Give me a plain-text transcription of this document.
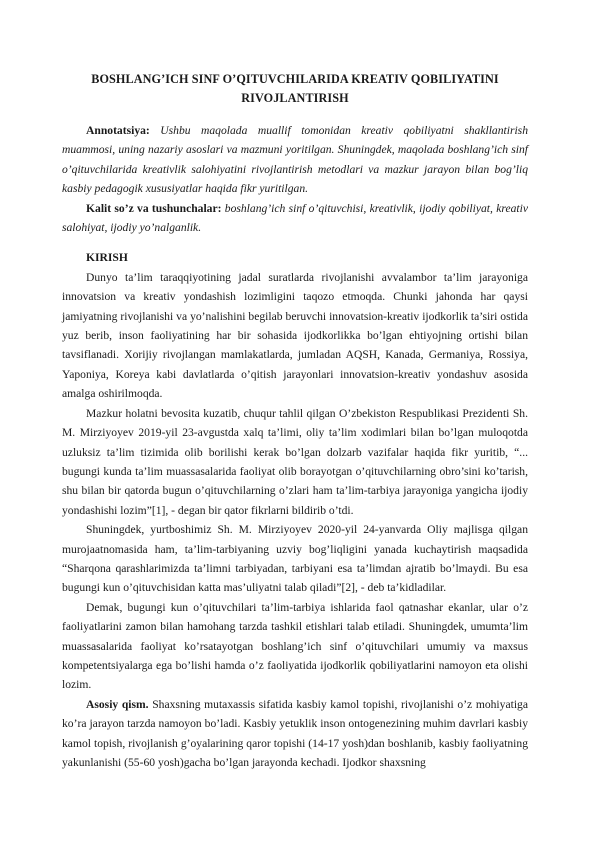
BOSHLANG’ICH SINF O’QITUVCHILARIDA KREATIV QOBILIYATINI RIVOJLANTIRISH

Annotatsiya: Ushbu maqolada muallif tomonidan kreativ qobiliyatni shakllantirish muammosi, uning nazariy asoslari va mazmuni yoritilgan. Shuningdek, maqolada boshlang’ich sinf o’qituvchilarida kreativlik salohiyatini rivojlantirish metodlari va mazkur jarayon bilan bog’liq kasbiy pedagogik xususiyatlar haqida fikr yuritilgan.

Kalit so’z va tushunchalar: boshlang’ich sinf o’qituvchisi, kreativlik, ijodiy qobiliyat, kreativ salohiyat, ijodiy yo’nalganlik.

KIRISH

Dunyo ta’lim taraqqiyotining jadal suratlarda rivojlanishi avvalambor ta’lim jarayoniga innovatsion va kreativ yondashish lozimligini taqozo etmoqda. Chunki jahonda har qaysi jamiyatning rivojlanishi va yo’nalishini begilab beruvchi innovatsion-kreativ ijodkorlik ta’siri ostida yuz berib, inson faoliyatining har bir sohasida ijodkorlikka bo’lgan ehtiyojning ortishi bilan tavsiflanadi. Xorijiy rivojlangan mamlakatlarda, jumladan AQSH, Kanada, Germaniya, Rossiya, Yaponiya, Koreya kabi davlatlarda o’qitish jarayonlari innovatsion-kreativ yondashuv asosida amalga oshirilmoqda.

Mazkur holatni bevosita kuzatib, chuqur tahlil qilgan O’zbekiston Respublikasi Prezidenti Sh. M. Mirziyoyev 2019-yil 23-avgustda xalq ta’limi, oliy ta’lim xodimlari bilan bo’lgan muloqotda uzluksiz ta’lim tizimida olib borilishi kerak bo’lgan dolzarb vazifalar haqida fikr yuritib, “... bugungi kunda ta’lim muassasalarida faoliyat olib borayotgan o’qituvchilarning obro’sini ko’tarish, shu bilan bir qatorda bugun o’qituvchilarning o’zlari ham ta’lim-tarbiya jarayoniga yangicha ijodiy yondashishi lozim”[1], - degan bir qator fikrlarni bildirib o’tdi.

Shuningdek, yurtboshimiz Sh. M. Mirziyoyev 2020-yil 24-yanvarda Oliy majlisga qilgan murojaatnomasida ham, ta’lim-tarbiyaning uzviy bog’liqligini yanada kuchaytirish maqsadida “Sharqona qarashlarimizda ta’limni tarbiyadan, tarbiyani esa ta’limdan ajratib bo’lmaydi. Bu esa bugungi kun o’qituvchisidan katta mas’uliyatni talab qiladi”[2], - deb ta’kidladilar.

Demak, bugungi kun o’qituvchilari ta’lim-tarbiya ishlarida faol qatnashar ekanlar, ular o’z faoliyatlarini zamon bilan hamohang tarzda tashkil etishlari talab etiladi. Shuningdek, umumta’lim muassasalarida faoliyat ko’rsatayotgan boshlang’ich sinf o’qituvchilari umumiy va maxsus kompetentsiyalarga ega bo’lishi hamda o’z faoliyatida ijodkorlik qobiliyatlarini namoyon eta olishi lozim.

Asosiy qism. Shaxsning mutaxassis sifatida kasbiy kamol topishi, rivojlanishi o’z mohiyatiga ko’ra jarayon tarzda namoyon bo’ladi. Kasbiy yetuklik inson ontogenezining muhim davrlari kasbiy kamol topish, rivojlanish g’oyalarining qaror topishi (14-17 yosh)dan boshlanib, kasbiy faoliyatning yakunlanishi (55-60 yosh)gacha bo’lgan jarayonda kechadi. Ijodkor shaxsning
